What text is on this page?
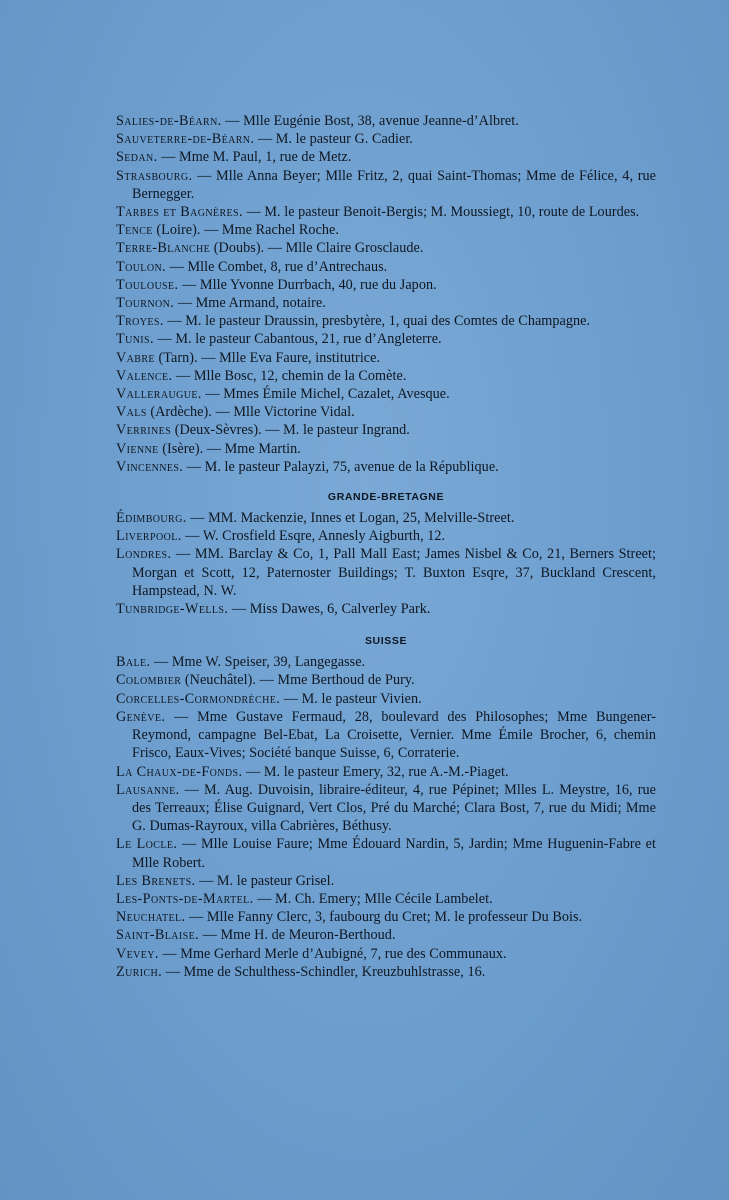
Salies-de-Béarn. — Mlle Eugénie Bost, 38, avenue Jeanne-d’Albret.
Sauveterre-de-Béarn. — M. le pasteur G. Cadier.
Sedan. — Mme M. Paul, 1, rue de Metz.
Strasbourg. — Mlle Anna Beyer; Mlle Fritz, 2, quai Saint-Thomas; Mme de Félice, 4, rue Bernegger.
Tarbes et Bagnères. — M. le pasteur Benoit-Bergis; M. Moussiegt, 10, route de Lourdes.
Tence (Loire). — Mme Rachel Roche.
Terre-Blanche (Doubs). — Mlle Claire Grosclaude.
Toulon. — Mlle Combet, 8, rue d’Antrechaus.
Toulouse. — Mlle Yvonne Durrbach, 40, rue du Japon.
Tournon. — Mme Armand, notaire.
Troyes. — M. le pasteur Draussin, presbytère, 1, quai des Comtes de Champagne.
Tunis. — M. le pasteur Cabantous, 21, rue d’Angleterre.
Vabre (Tarn). — Mlle Eva Faure, institutrice.
Valence. — Mlle Bosc, 12, chemin de la Comète.
Valleraugue. — Mmes Émile Michel, Cazalet, Avesque.
Vals (Ardèche). — Mlle Victorine Vidal.
Verrines (Deux-Sèvres). — M. le pasteur Ingrand.
Vienne (Isère). — Mme Martin.
Vincennes. — M. le pasteur Palayzi, 75, avenue de la République.
GRANDE-BRETAGNE
Édimbourg. — MM. Mackenzie, Innes et Logan, 25, Melville-Street.
Liverpool. — W. Crosfield Esqre, Annesly Aigburth, 12.
Londres. — MM. Barclay & Co, 1, Pall Mall East; James Nisbel & Co, 21, Berners Street; Morgan et Scott, 12, Paternoster Buildings; T. Buxton Esqre, 37, Buckland Crescent, Hampstead, N. W.
Tunbridge-Wells. — Miss Dawes, 6, Calverley Park.
SUISSE
Bale. — Mme W. Speiser, 39, Langegasse.
Colombier (Neuchâtel). — Mme Berthoud de Pury.
Corcelles-Cormondrèche. — M. le pasteur Vivien.
Genève. — Mme Gustave Fermaud, 28, boulevard des Philosophes; Mme Bungener-Reymond, campagne Bel-Ebat, La Croisette, Vernier. Mme Émile Brocher, 6, chemin Frisco, Eaux-Vives; Société banque Suisse, 6, Corraterie.
La Chaux-de-Fonds. — M. le pasteur Emery, 32, rue A.-M.-Piaget.
Lausanne. — M. Aug. Duvoisin, libraire-éditeur, 4, rue Pépinet; Mlles L. Meystre, 16, rue des Terreaux; Élise Guignard, Vert Clos, Pré du Marché; Clara Bost, 7, rue du Midi; Mme G. Dumas-Rayroux, villa Cabrières, Béthusy.
Le Locle. — Mlle Louise Faure; Mme Édouard Nardin, 5, Jardin; Mme Huguenin-Fabre et Mlle Robert.
Les Brenets. — M. le pasteur Grisel.
Les-Ponts-de-Martel. — M. Ch. Emery; Mlle Cécile Lambelet.
Neuchatel. — Mlle Fanny Clerc, 3, faubourg du Cret; M. le professeur Du Bois.
Saint-Blaise. — Mme H. de Meuron-Berthoud.
Vevey. — Mme Gerhard Merle d’Aubigné, 7, rue des Communaux.
Zurich. — Mme de Schulthess-Schindler, Kreuzbuhlstrasse, 16.
